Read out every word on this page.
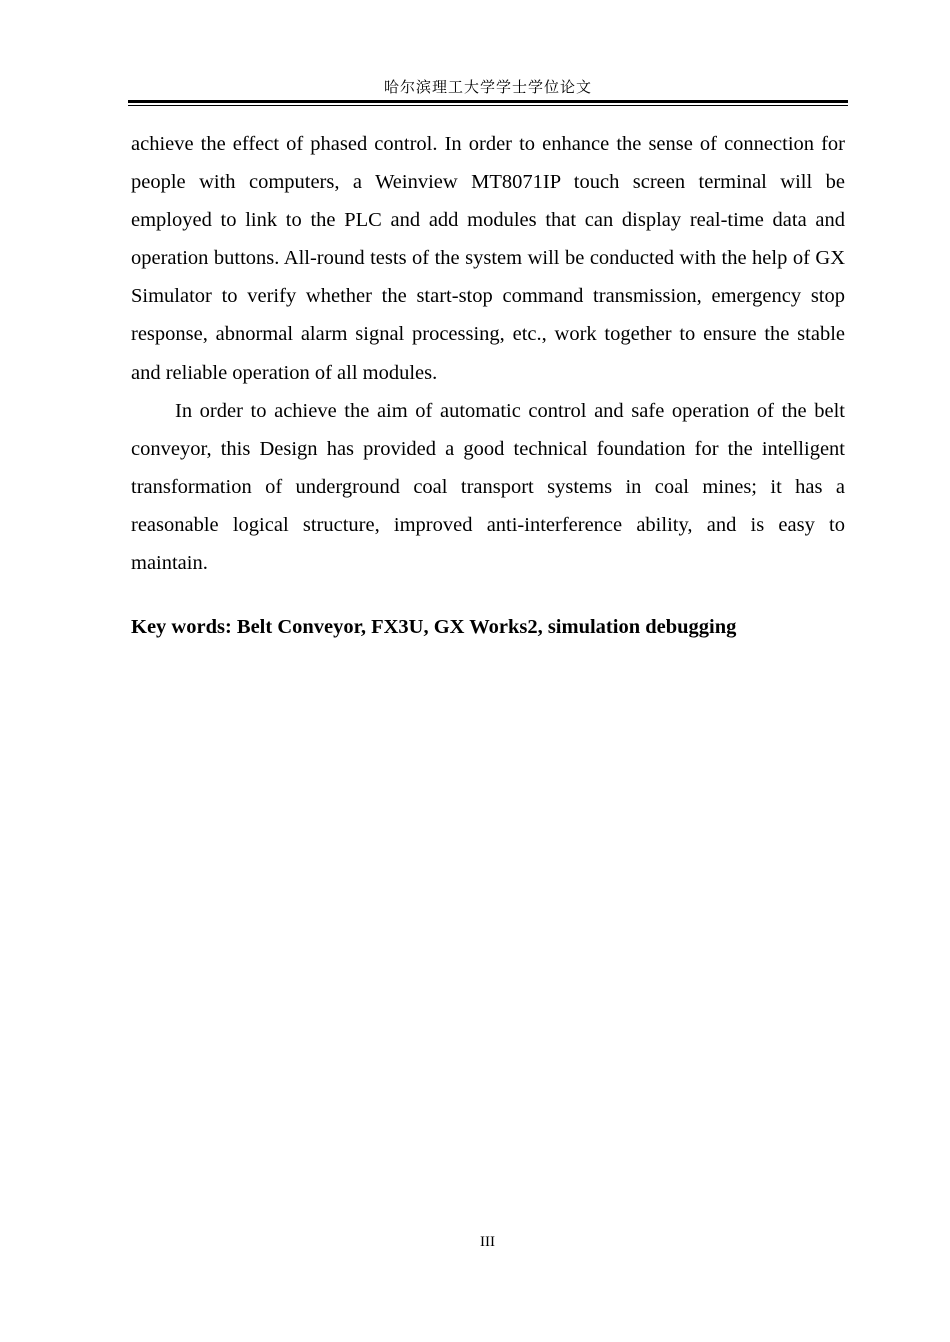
哈尔滨理工大学学士学位论文

achieve the effect of phased control. In order to enhance the sense of connection for people with computers, a Weinview MT8071IP touch screen terminal will be employed to link to the PLC and add modules that can display real-time data and operation buttons. All-round tests of the system will be conducted with the help of GX Simulator to verify whether the start-stop command transmission, emergency stop response, abnormal alarm signal processing, etc., work together to ensure the stable and reliable operation of all modules.

In order to achieve the aim of automatic control and safe operation of the belt conveyor, this Design has provided a good technical foundation for the intelligent transformation of underground coal transport systems in coal mines; it has a reasonable logical structure, improved anti-interference ability, and is easy to maintain.

Key words: Belt Conveyor, FX3U, GX Works2, simulation debugging
III
